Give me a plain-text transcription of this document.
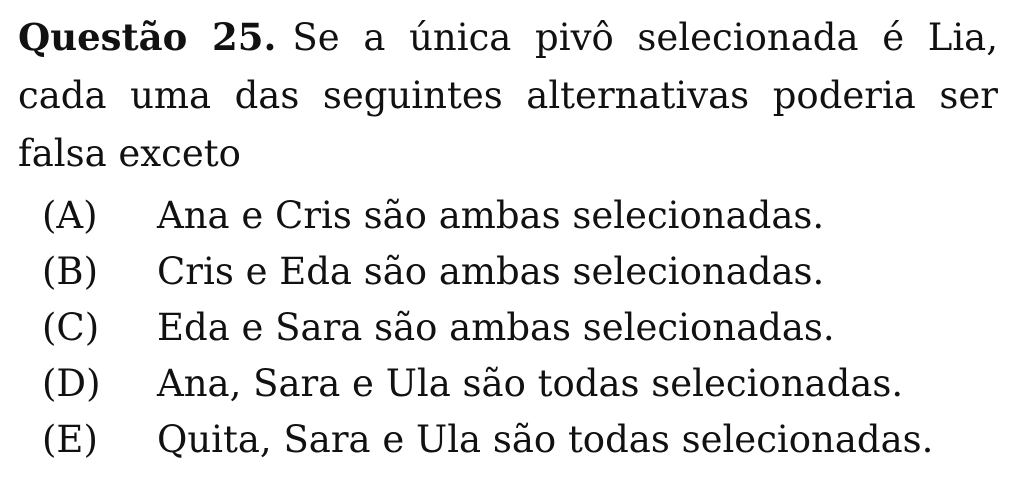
Questão 25. Se a única pivô selecionada é Lia, cada uma das seguintes alternativas poderia ser falsa exceto
(A)	Ana e Cris são ambas selecionadas.
(B)	Cris e Eda são ambas selecionadas.
(C)	Eda e Sara são ambas selecionadas.
(D)	Ana, Sara e Ula são todas selecionadas.
(E)	Quita, Sara e Ula são todas selecionadas.
